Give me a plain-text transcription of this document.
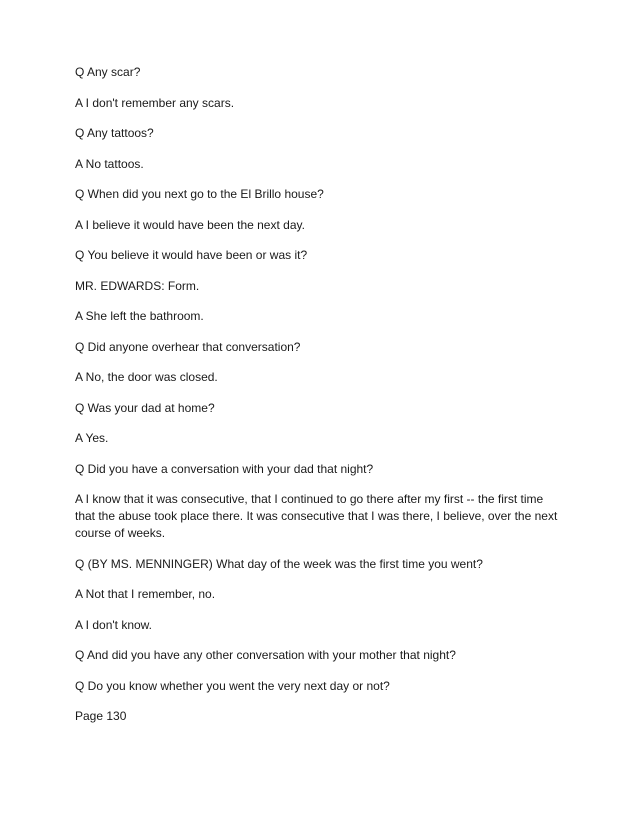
Q Any scar?

A I don't remember any scars.

Q Any tattoos?

A No tattoos.

Q When did you next go to the El Brillo house?

A I believe it would have been the next day.

Q You believe it would have been or was it?

MR. EDWARDS: Form.

A She left the bathroom.

Q Did anyone overhear that conversation?

A No, the door was closed.

Q Was your dad at home?

A Yes.

Q Did you have a conversation with your dad that night?

A I know that it was consecutive, that I continued to go there after my first -- the first time that the abuse took place there. It was consecutive that I was there, I believe, over the next course of weeks.

Q (BY MS. MENNINGER) What day of the week was the first time you went?

A Not that I remember, no.

A I don't know.

Q And did you have any other conversation with your mother that night?

Q Do you know whether you went the very next day or not?

Page 130
